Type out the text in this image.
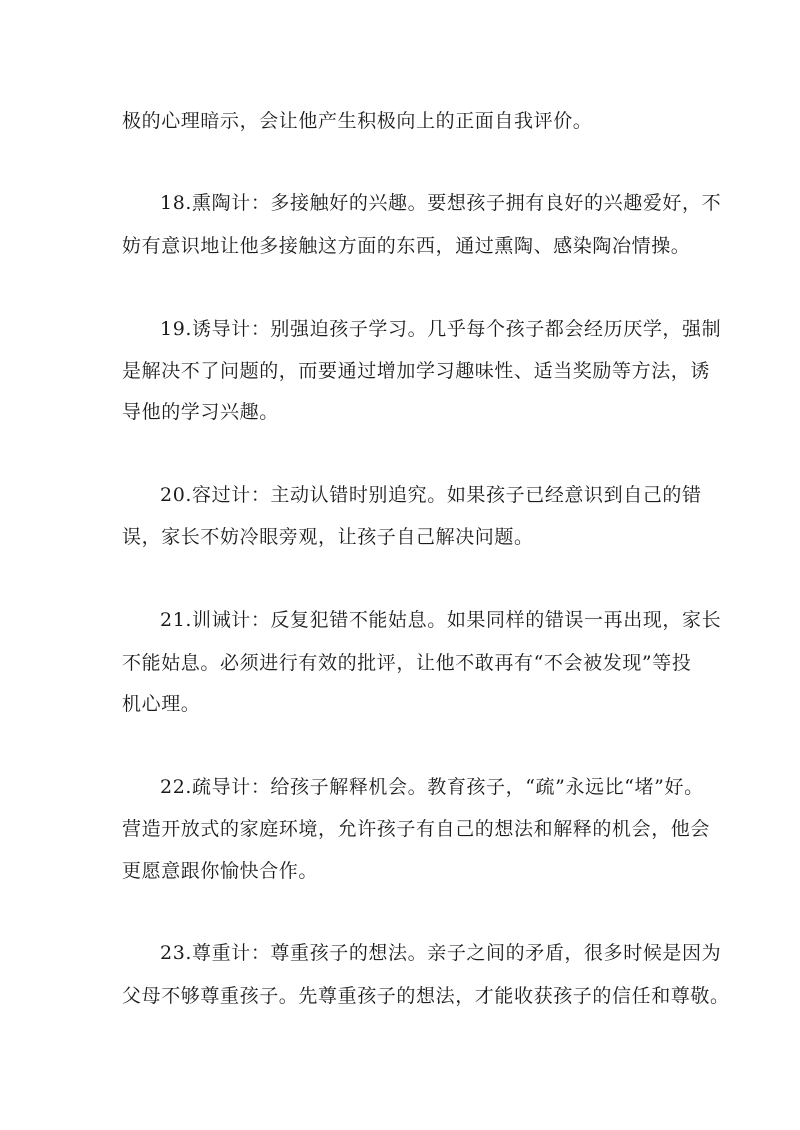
极的心理暗示，会让他产生积极向上的正面自我评价。
18.熏陶计：多接触好的兴趣。要想孩子拥有良好的兴趣爱好，不
妨有意识地让他多接触这方面的东西，通过熏陶、感染陶冶情操。
19.诱导计：别强迫孩子学习。几乎每个孩子都会经历厌学，强制
是解决不了问题的，而要通过增加学习趣味性、适当奖励等方法，诱
导他的学习兴趣。
20.容过计：主动认错时别追究。如果孩子已经意识到自己的错
误，家长不妨冷眼旁观，让孩子自己解决问题。
21.训诫计：反复犯错不能姑息。如果同样的错误一再出现，家长
不能姑息。必须进行有效的批评，让他不敢再有“不会被发现”等投
机心理。
22.疏导计：给孩子解释机会。教育孩子，“疏”永远比“堵”好。
营造开放式的家庭环境，允许孩子有自己的想法和解释的机会，他会
更愿意跟你愉快合作。
23.尊重计：尊重孩子的想法。亲子之间的矛盾，很多时候是因为
父母不够尊重孩子。先尊重孩子的想法，才能收获孩子的信任和尊敬。
